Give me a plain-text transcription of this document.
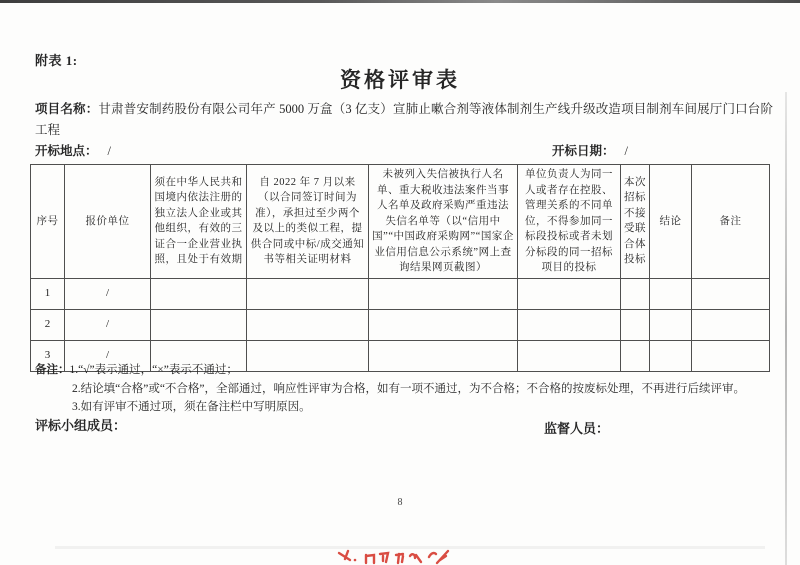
附表 1:
资格评审表
项目名称：甘肃普安制药股份有限公司年产 5000 万盒（3 亿支）宣肺止嗽合剂等液体制剂生产线升级改造项目制剂车间展厅门口台阶工程
开标地点： /	开标日期： /
序号	报价单位	须在中华人民共和国境内依法注册的独立法人企业或其他组织，有效的三证合一企业营业执照，且处于有效期	自 2022 年 7 月以来（以合同签订时间为准），承担过至少两个及以上的类似工程，提供合同或中标/成交通知书等相关证明材料	未被列入失信被执行人名单、重大税收违法案件当事人名单及政府采购严重违法失信名单等（以“信用中国”“中国政府采购网”“国家企业信用信息公示系统”网上查询结果网页截图）	单位负责人为同一人或者存在控股、管理关系的不同单位，不得参加同一标段投标或者未划分标段的同一招标项目的投标	本次招标不接受联合体投标	结论	备注
1	/							
2	/							
3	/							
备注：1.“√”表示通过，“×”表示不通过；
2.结论填“合格”或“不合格”，全部通过，响应性评审为合格，如有一项不通过，为不合格；不合格的按废标处理，不再进行后续评审。
3.如有评审不通过项，须在备注栏中写明原因。
评标小组成员：	监督人员：
8
